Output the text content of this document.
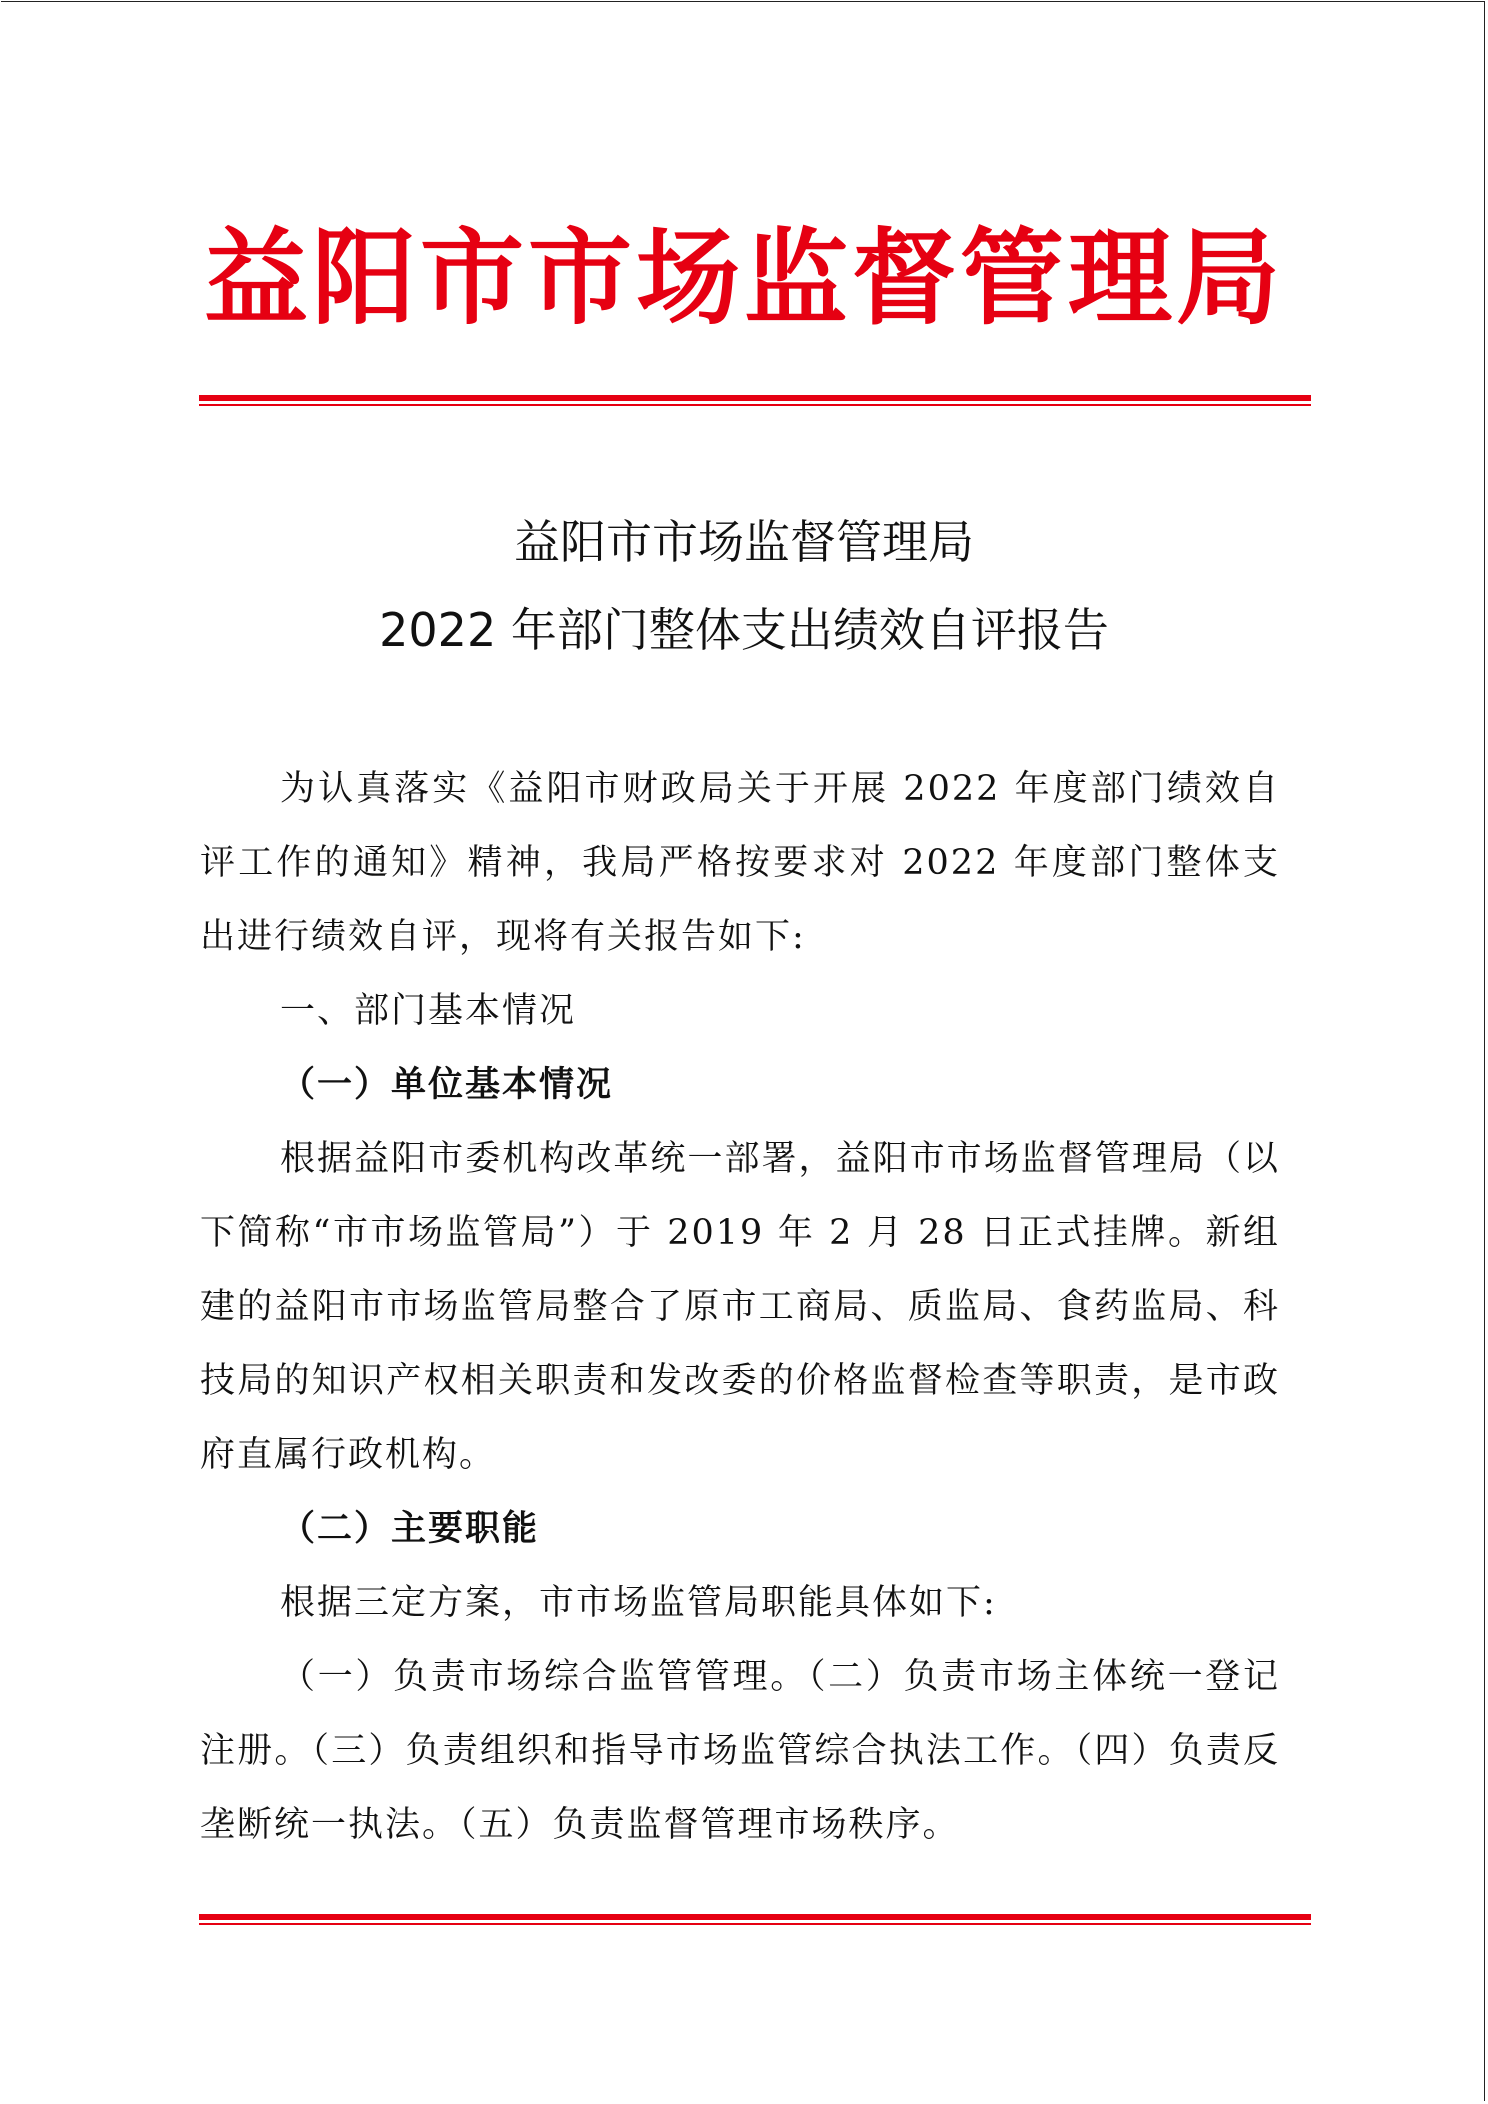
益阳市市场监督管理局
益阳市市场监督管理局
2022 年部门整体支出绩效自评报告

为认真落实《益阳市财政局关于开展 2022 年度部门绩效自评工作的通知》精神，我局严格按要求对 2022 年度部门整体支出进行绩效自评，现将有关报告如下:

一、部门基本情况

（一）单位基本情况

根据益阳市委机构改革统一部署，益阳市市场监督管理局（以下简称“市市场监管局”）于 2019 年 2 月 28 日正式挂牌。新组建的益阳市市场监管局整合了原市工商局、质监局、食药监局、科技局的知识产权相关职责和发改委的价格监督检查等职责，是市政府直属行政机构。

（二）主要职能

根据三定方案，市市场监管局职能具体如下:

（一）负责市场综合监管管理。（二）负责市场主体统一登记注册。（三）负责组织和指导市场监管综合执法工作。（四）负责反垄断统一执法。（五）负责监督管理市场秩序。
